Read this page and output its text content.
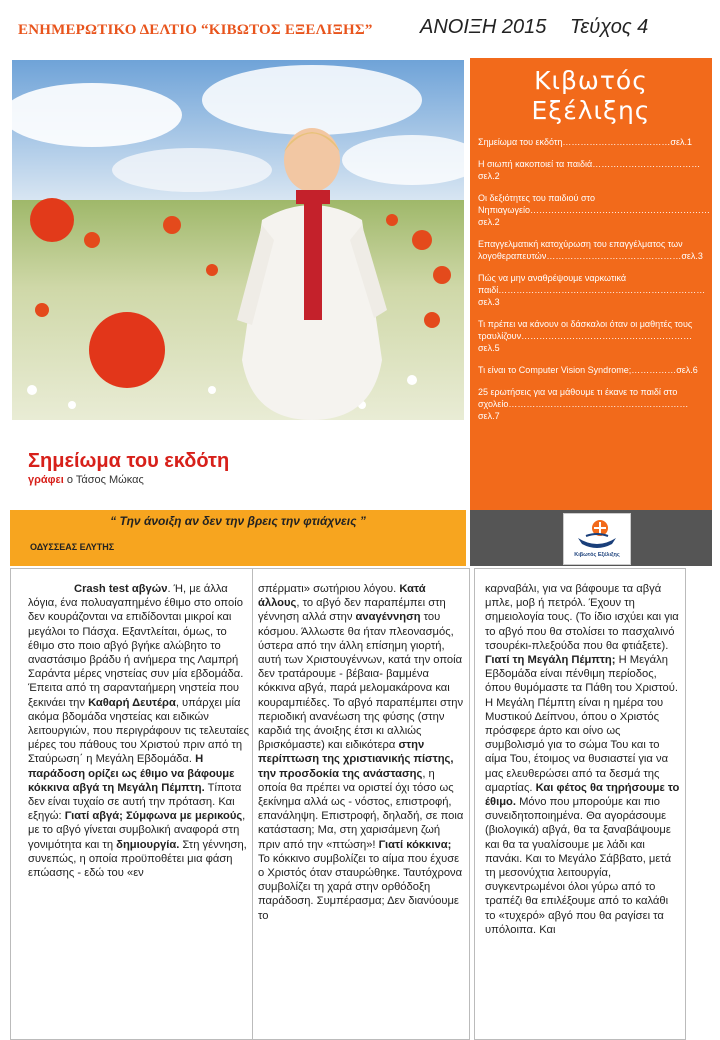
ΕΝΗΜΕΡΩΤΙΚΟ ΔΕΛΤΙΟ “ΚΙΒΩΤΟΣ ΕΞΕΛΙΞΗΣ” ΑΝΟΙΞΗ 2015 Τεύχος 4
Κιβωτός
Εξέλιξης
Σημείωμα του εκδότη………………………………σελ.1
Η σιωπή κακοποιεί τα παιδιά………………………………σελ.2
Οι δεξιότητες του παιδιού στο Νηπιαγωγείο……………………………………………………σελ.2
Επαγγελματική κατοχύρωση του επαγγέλματος των λογοθεραπευτών………………………………………σελ.3
Πώς να μην αναθρέψουμε ναρκωτικά παιδί……………………………………………………………σελ.3
Τι πρέπει να κάνουν οι δάσκαλοι όταν οι μαθητές τους τραυλίζουν…………………………………………………σελ.5
Τι είναι το Computer Vision Syndrome;……………σελ.6
25 ερωτήσεις για να μάθουμε τι έκανε το παιδί στο σχολείο……………………………………………………σελ.7
Σημείωμα του εκδότη
γράφει ο Τάσος Μώκας
“ Την άνοιξη αν δεν την βρεις την φτιάχνεις ”
ΟΔΥΣΣΕΑΣ ΕΛΥΤΗΣ
Κιβωτός Εξέλιξης
Crash test αβγών. Ή, με άλλα λόγια, ένα πολυαγαπημένο έθιμο στο οποίο δεν κουράζονται να επιδίδονται μικροί και μεγάλοι το Πάσχα. Εξαντλείται, όμως, το έθιμο στο ποιο αβγό βγήκε αλώβητο το αναστάσιμο βράδυ ή ανήμερα της Λαμπρή Σαράντα μέρες νηστείας συν μία εβδομάδα. Έπειτα από τη σαρανταήμερη νηστεία που ξεκινάει την Καθαρή Δευτέρα, υπάρχει μία ακόμα βδομάδα νηστείας και ειδικών λειτουργιών, που περιγράφουν τις τελευταίες μέρες του πάθους του Χριστού πριν από τη Σταύρωση΄ η Μεγάλη Εβδομάδα. Η παράδοση ορίζει ως έθιμο να βάφουμε κόκκινα αβγά τη Μεγάλη Πέμπτη. Τίποτα δεν είναι τυχαίο σε αυτή την πρόταση. Και εξηγώ: Γιατί αβγά; Σύμφωνα με μερικούς, με το αβγό γίνεται συμβολική αναφορά στη γονιμότητα και τη δημιουργία. Στη γέννηση, συνεπώς, η οποία προϋποθέτει μια φάση επώασης - εδώ του «εν
σπέρματι» σωτήριου λόγου. Κατά άλλους, το αβγό δεν παραπέμπει στη γέννηση αλλά στην αναγέννηση του κόσμου. Άλλωστε θα ήταν πλεονασμός, ύστερα από την άλλη επίσημη γιορτή, αυτή των Χριστουγέννων, κατά την οποία δεν τρατάρουμε - βέβαια- βαμμένα κόκκινα αβγά, παρά μελομακάρονα και κουραμπιέδες. Το αβγό παραπέμπει στην περιοδική ανανέωση της φύσης (στην καρδιά της άνοιξης έτσι κι αλλιώς βρισκόμαστε) και ειδικότερα στην περίπτωση της χριστιανικής πίστης, την προσδοκία της ανάστασης, η οποία θα πρέπει να οριστεί όχι τόσο ως ξεκίνημα αλλά ως - νόστος, επιστροφή, επανάληψη. Επιστροφή, δηλαδή, σε ποια κατάσταση; Μα, στη χαρισάμενη ζωή πριν από την «πτώση»! Γιατί κόκκινα; Το κόκκινο συμβολίζει το αίμα που έχυσε ο Χριστός όταν σταυρώθηκε. Ταυτόχρονα συμβολίζει τη χαρά στην ορθόδοξη παράδοση. Συμπέρασμα; Δεν διανύουμε το
καρναβάλι, για να βάφουμε τα αβγά μπλε, μοβ ή πετρόλ. Έχουν τη σημειολογία τους. (Το ίδιο ισχύει και για το αβγό που θα στολίσει το πασχαλινό τσουρέκι-πλεξούδα που θα φτιάξετε). Γιατί τη Μεγάλη Πέμπτη; Η Μεγάλη Εβδομάδα είναι πένθιμη περίοδος, όπου θυμόμαστε τα Πάθη του Χριστού. Η Μεγάλη Πέμπτη είναι η ημέρα του Μυστικού Δείπνου, όπου ο Χριστός πρόσφερε άρτο και οίνο ως συμβολισμό για το σώμα Του και το αίμα Του, έτοιμος να θυσιαστεί για να μας ελευθερώσει από τα δεσμά της αμαρτίας. Και φέτος θα τηρήσουμε το έθιμο. Μόνο που μπορούμε και πιο συνειδητοποιημένα. Θα αγοράσουμε (βιολογικά) αβγά, θα τα ξαναβάψουμε και θα τα γυαλίσουμε με λάδι και πανάκι. Και το Μεγάλο Σάββατο, μετά τη μεσονύχτια λειτουργία, συγκεντρωμένοι όλοι γύρω από το τραπέζι θα επιλέξουμε από το καλάθι το «τυχερό» αβγό που θα ραγίσει τα υπόλοιπα. Και
